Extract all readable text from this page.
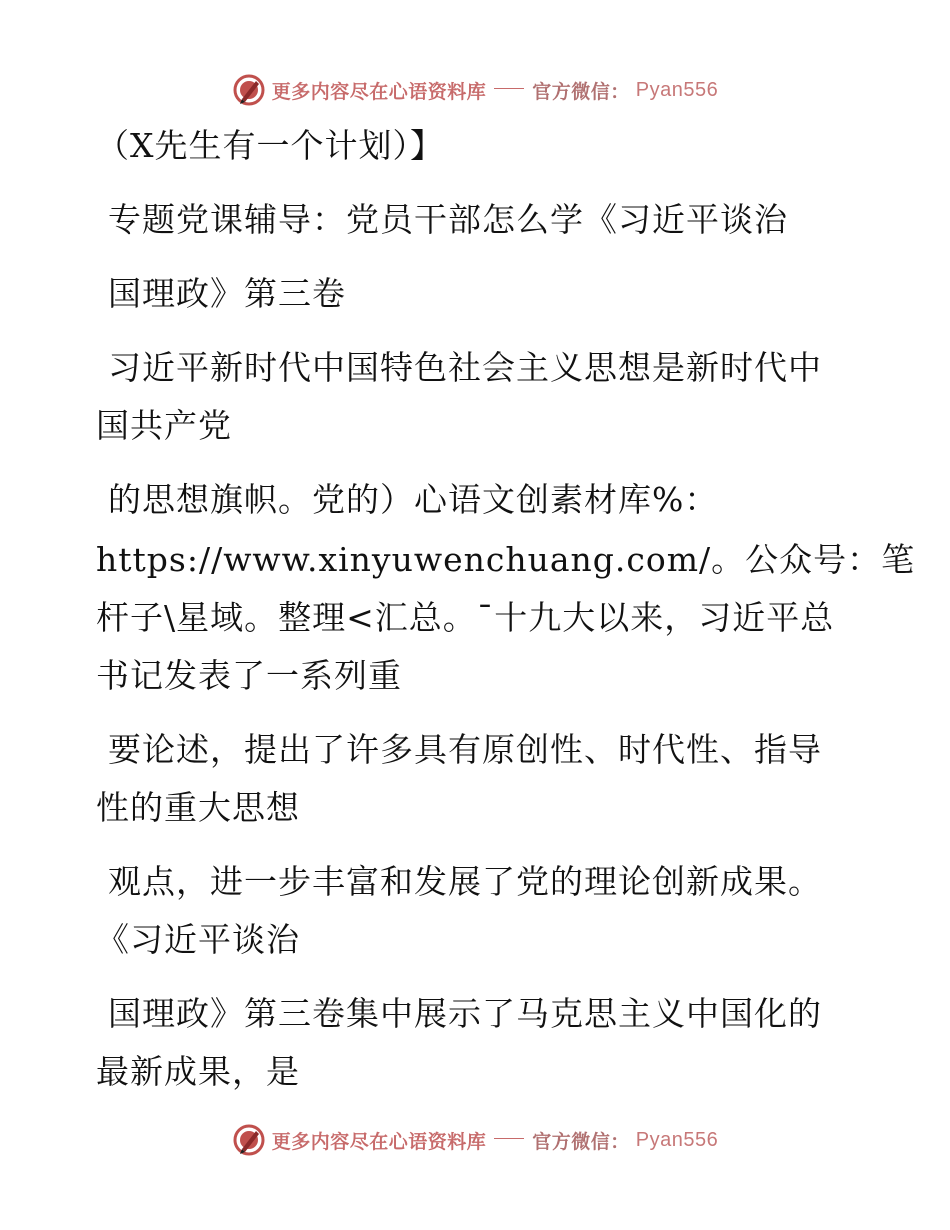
更多内容尽在心语资料库 官方微信： Pyan556
（X先生有一个计划）】
专题党课辅导：党员干部怎么学《习近平谈治
国理政》第三卷
习近平新时代中国特色社会主义思想是新时代中
国共产党
的思想旗帜。党的）心语文创素材库%：
https://www.xinyuwenchuang.com/。公众号：笔
杆子\星域。整理<汇总。¯十九大以来，习近平总
书记发表了一系列重
要论述，提出了许多具有原创性、时代性、指导
性的重大思想
观点，进一步丰富和发展了党的理论创新成果。
《习近平谈治
国理政》第三卷集中展示了马克思主义中国化的
最新成果，是
更多内容尽在心语资料库 官方微信： Pyan556
